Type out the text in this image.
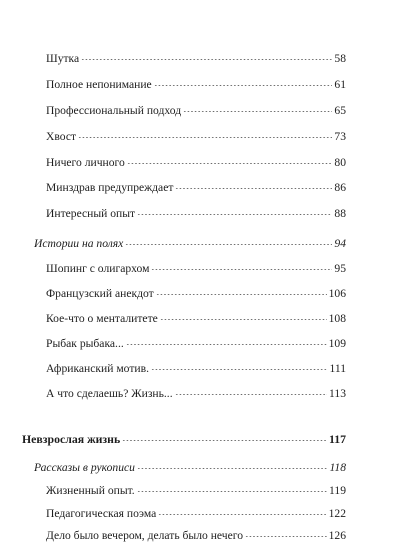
Шутка	58
Полное непонимание	61
Профессиональный подход	65
Хвост	73
Ничего личного	80
Минздрав предупреждает	86
Интересный опыт	88
Истории на полях	94
Шопинг с олигархом	95
Французский анекдот	106
Кое-что о менталитете	108
Рыбак рыбака...	109
Африканский мотив.	111
А что сделаешь? Жизнь...	113
Невзрослая жизнь	117
Рассказы в рукописи	118
Жизненный опыт.	119
Педагогическая поэма	122
Дело было вечером, делать было нечего	126
